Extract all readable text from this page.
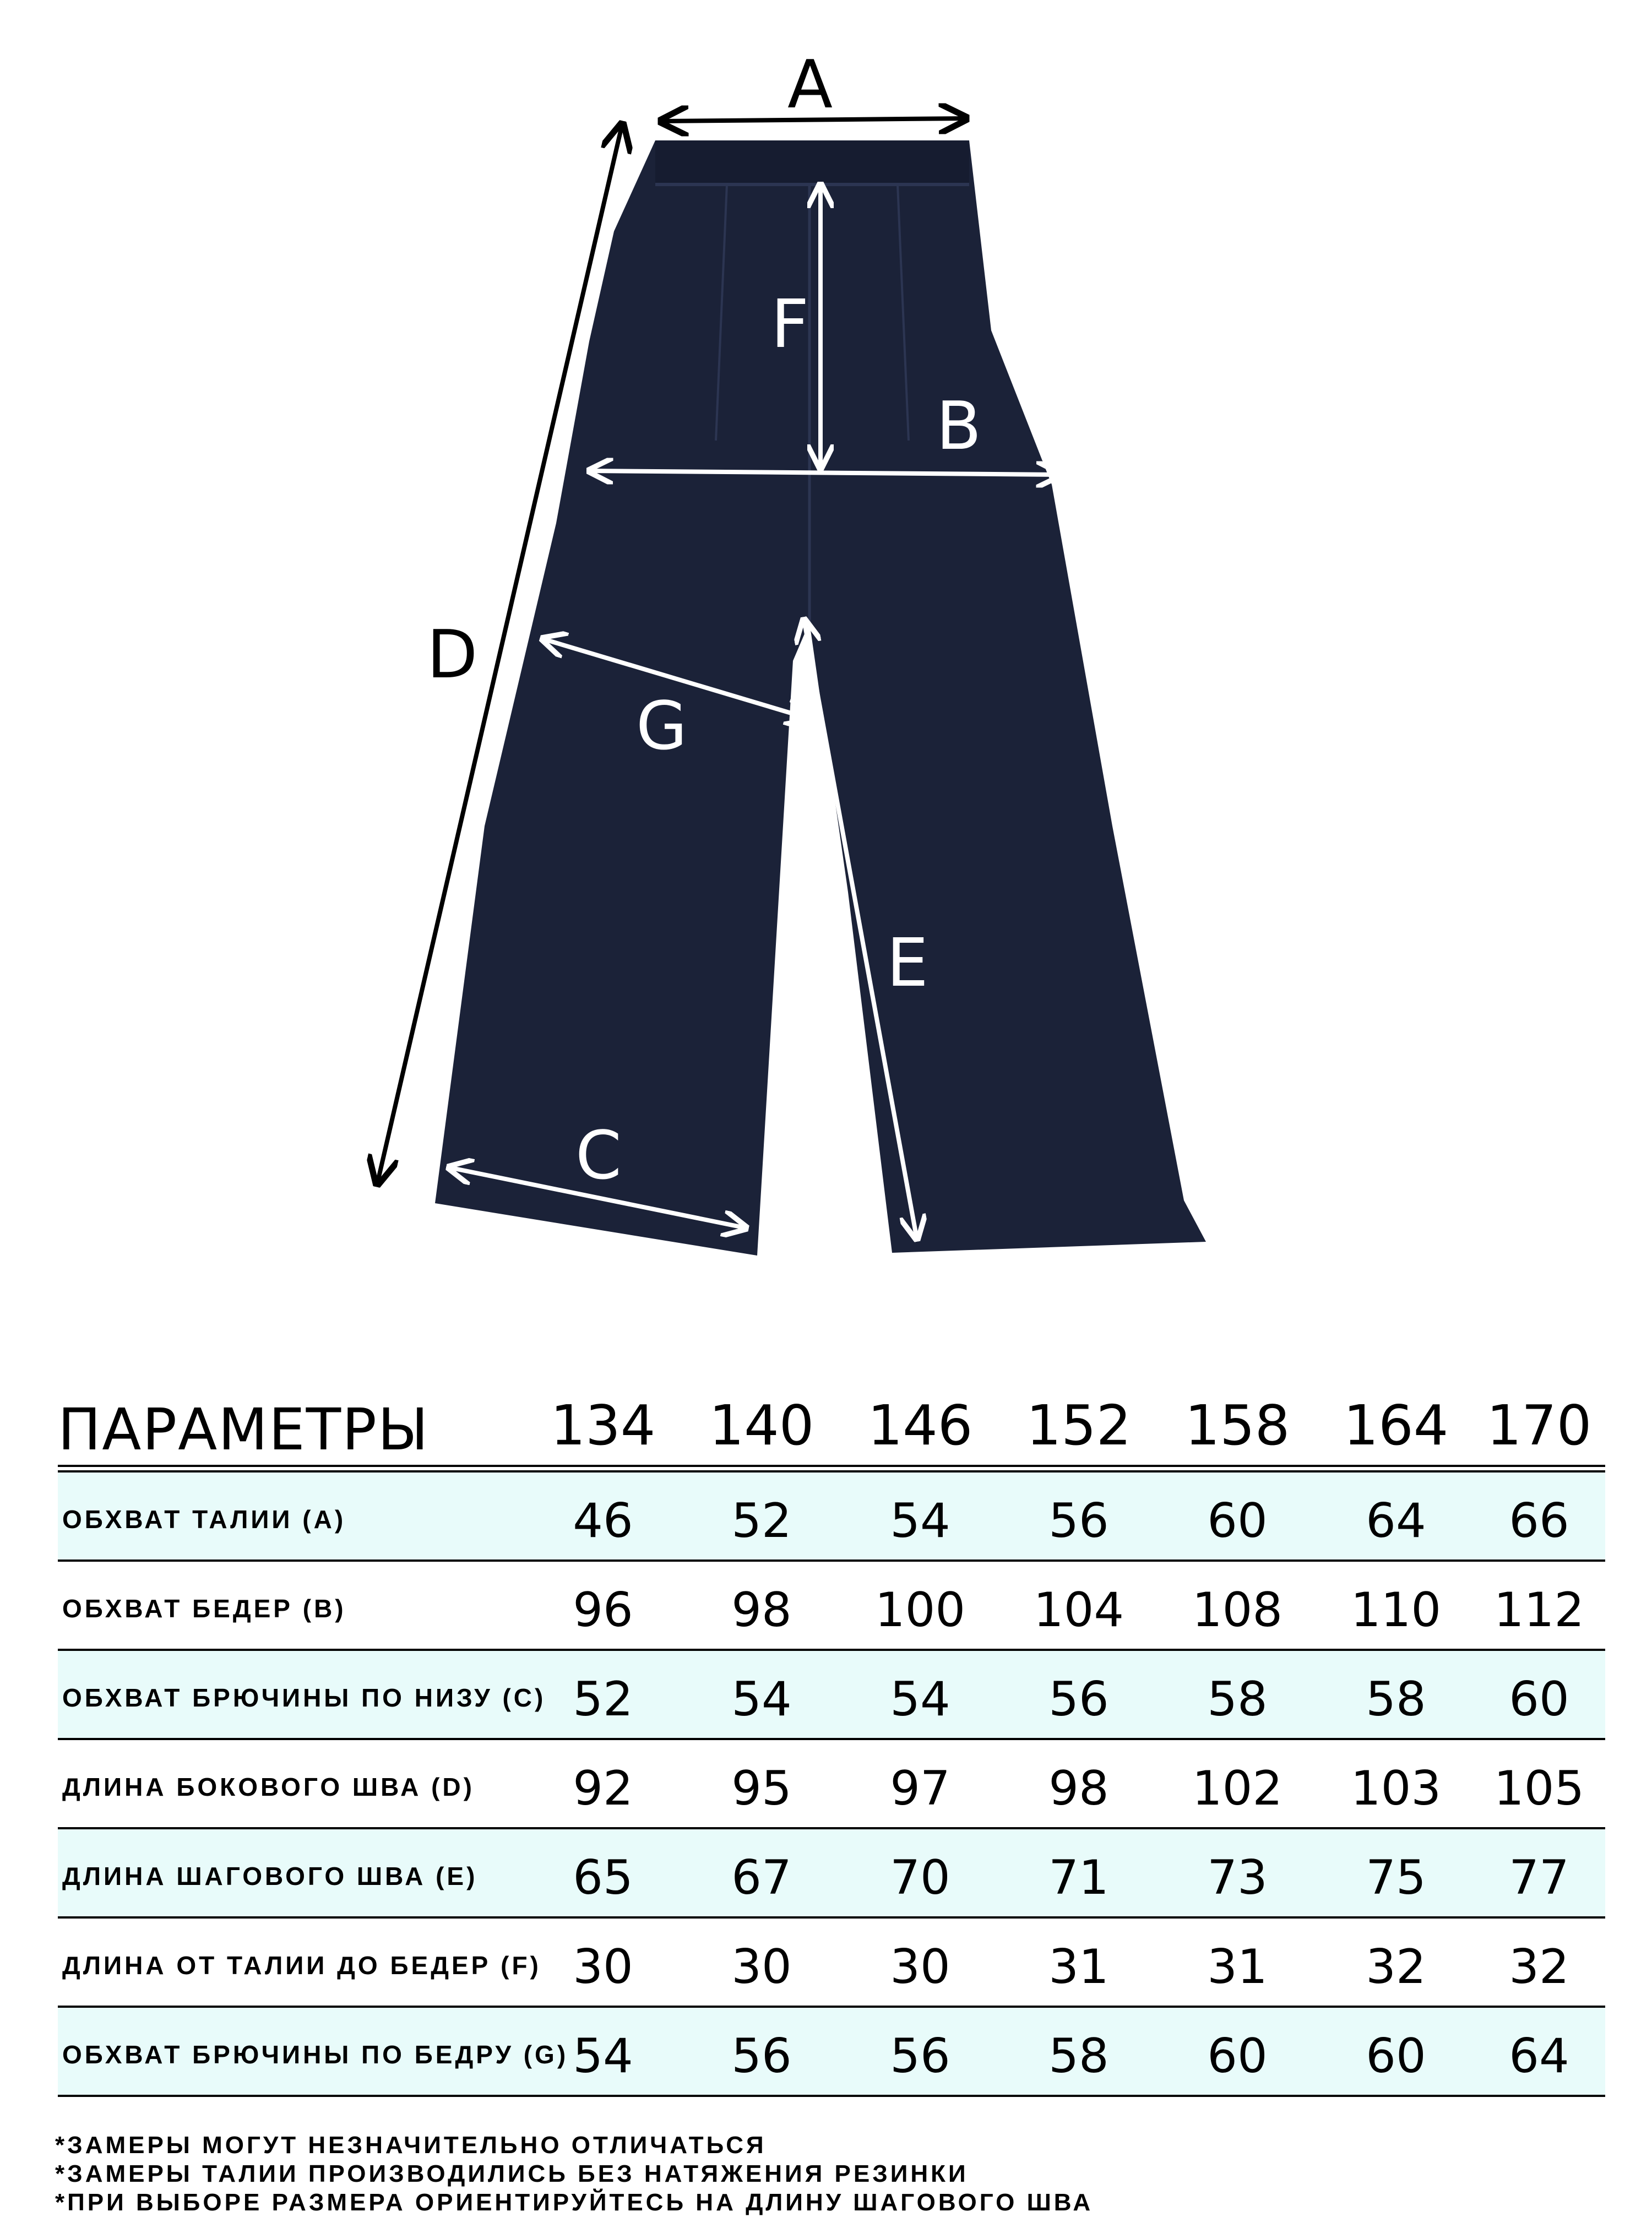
A
D
F
B
G
E
C
ПАРАМЕТРЫ	134 140 146 152 158 164 170
ОБХВАТ ТАЛИИ (A)	46	52	54	56	60	64	66
ОБХВАТ БЕДЕР (B)	96	98	100	104	108	110	112
ОБХВАТ БРЮЧИНЫ ПО НИЗУ (C) 52	54	54	56	58	58	60
ДЛИНА БОКОВОГО ШВА (D)	92	95	97	98	102	103	105
ДЛИНА ШАГОВОГО ШВА (E)	65	67	70	71	73	75	77
ДЛИНА ОТ ТАЛИИ ДО БЕДЕР (F) 30	30	30	31	31	32	32
ОБХВАТ БРЮЧИНЫ ПО БЕДРУ (G) 54	56	56	58	60	60	64
*ЗАМЕРЫ МОГУТ НЕЗНАЧИТЕЛЬНО ОТЛИЧАТЬСЯ
*ЗАМЕРЫ ТАЛИИ ПРОИЗВОДИЛИСЬ БЕЗ НАТЯЖЕНИЯ РЕЗИНКИ
*ПРИ ВЫБОРЕ РАЗМЕРА ОРИЕНТИРУЙТЕСЬ НА ДЛИНУ ШАГОВОГО ШВА
